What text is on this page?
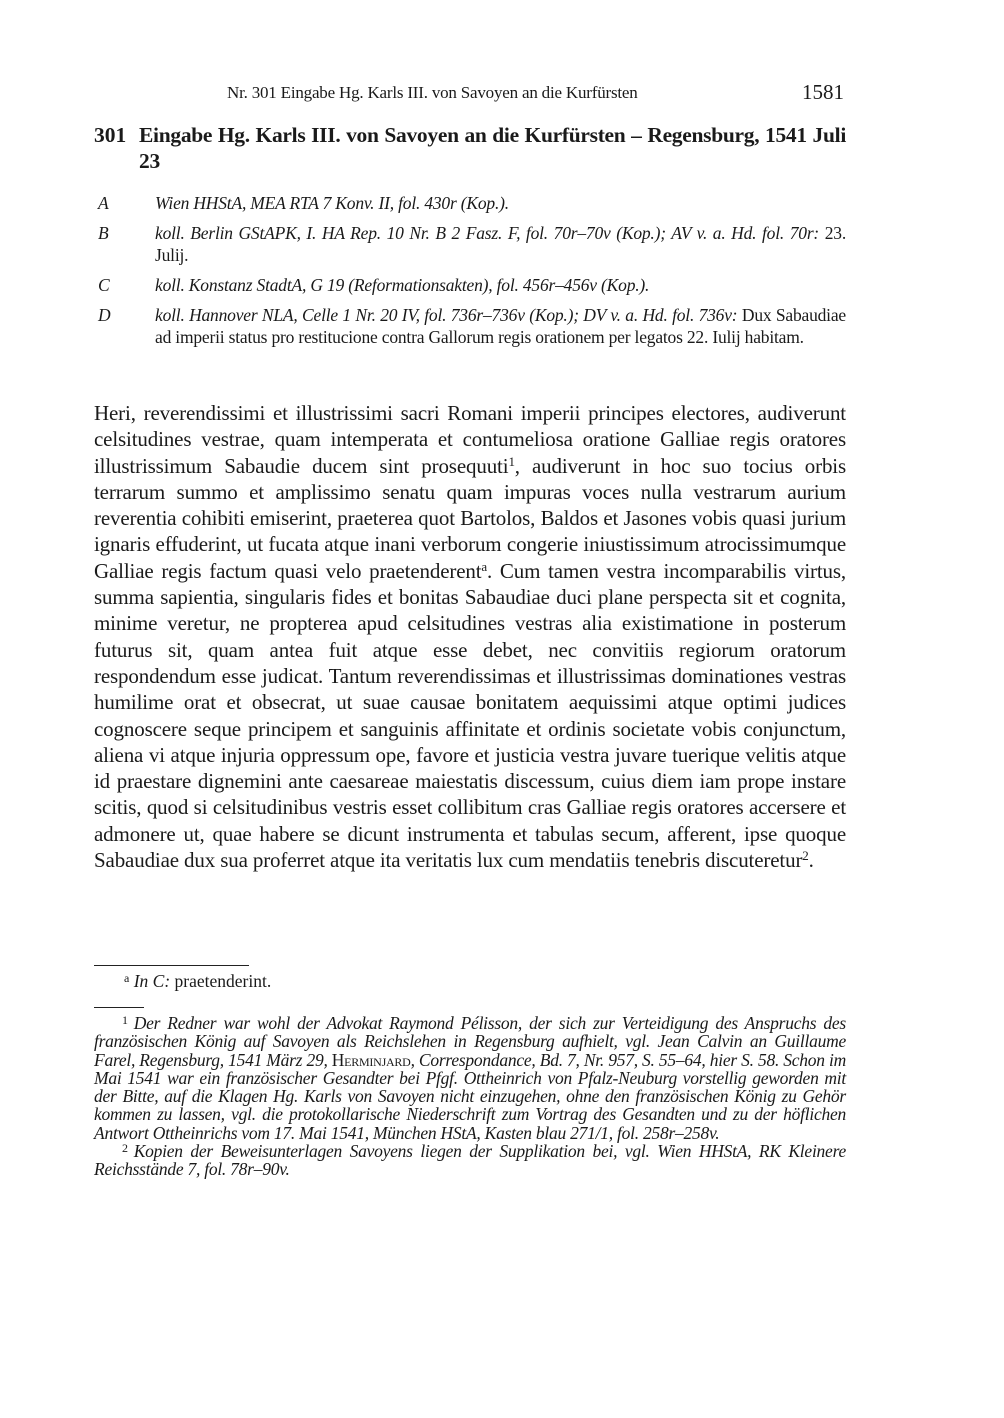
Nr. 301 Eingabe Hg. Karls III. von Savoyen an die Kurfürsten	1581
301 Eingabe Hg. Karls III. von Savoyen an die Kurfürsten – Regensburg, 1541 Juli 23
A	Wien HHStA, MEA RTA 7 Konv. II, fol. 430r (Kop.).
B	koll. Berlin GStAPK, I. HA Rep. 10 Nr. B 2 Fasz. F, fol. 70r–70v (Kop.); AV v. a. Hd. fol. 70r: 23. Julij.
C	koll. Konstanz StadtA, G 19 (Reformationsakten), fol. 456r–456v (Kop.).
D	koll. Hannover NLA, Celle 1 Nr. 20 IV, fol. 736r–736v (Kop.); DV v. a. Hd. fol. 736v: Dux Sabaudiae ad imperii status pro restitucione contra Gallorum regis orationem per legatos 22. Iulij habitam.
Heri, reverendissimi et illustrissimi sacri Romani imperii principes electores, audiverunt celsitudines vestrae, quam intemperata et contumeliosa oratione Galliae regis oratores illustrissimum Sabaudie ducem sint prosequuti$^1$, audiverunt in hoc suo tocius orbis terrarum summo et amplissimo senatu quam impuras voces nulla vestrarum aurium reverentia cohibiti emiserint, praeterea quot Bartolos, Baldos et Jasones vobis quasi jurium ignaris effuderint, ut fucata atque inani verborum congerie iniustissimum atrocissimumque Galliae regis factum quasi velo praetenderent$^a$. Cum tamen vestra incomparabilis virtus, summa sapientia, singularis fides et bonitas Sabaudiae duci plane perspecta sit et cognita, minime veretur, ne propterea apud celsitudines vestras alia existimatione in posterum futurus sit, quam antea fuit atque esse debet, nec convitiis regiorum oratorum respondendum esse judicat. Tantum reverendissimas et illustrissimas dominationes vestras humilime orat et obsecrat, ut suae causae bonitatem aequissimi atque optimi judices cognoscere seque principem et sanguinis affinitate et ordinis societate vobis conjunctum, aliena vi atque injuria oppressum ope, favore et justicia vestra juvare tuerique velitis atque id praestare dignemini ante caesareae maiestatis discessum, cuius diem iam prope instare scitis, quod si celsitudinibus vestris esset collibitum cras Galliae regis oratores accersere et admonere ut, quae habere se dicunt instrumenta et tabulas secum, afferent, ipse quoque Sabaudiae dux sua proferret atque ita veritatis lux cum mendatiis tenebris discuteretur$^2$.
$^a$ In C: praetenderint.

$^1$ Der Redner war wohl der Advokat Raymond Pélisson, der sich zur Verteidigung des Anspruchs des französischen König auf Savoyen als Reichslehen in Regensburg aufhielt, vgl. Jean Calvin an Guillaume Farel, Regensburg, 1541 März 29, Herminjard, Correspondance, Bd. 7, Nr. 957, S. 55–64, hier S. 58. Schon im Mai 1541 war ein französischer Gesandter bei Pfgf. Ottheinrich von Pfalz-Neuburg vorstellig geworden mit der Bitte, auf die Klagen Hg. Karls von Savoyen nicht einzugehen, ohne den französischen König zu Gehör kommen zu lassen, vgl. die protokollarische Niederschrift zum Vortrag des Gesandten und zu der höflichen Antwort Ottheinrichs vom 17. Mai 1541, München HStA, Kasten blau 271/1, fol. 258r–258v.

$^2$ Kopien der Beweisunterlagen Savoyens liegen der Supplikation bei, vgl. Wien HHStA, RK Kleinere Reichsstände 7, fol. 78r–90v.
